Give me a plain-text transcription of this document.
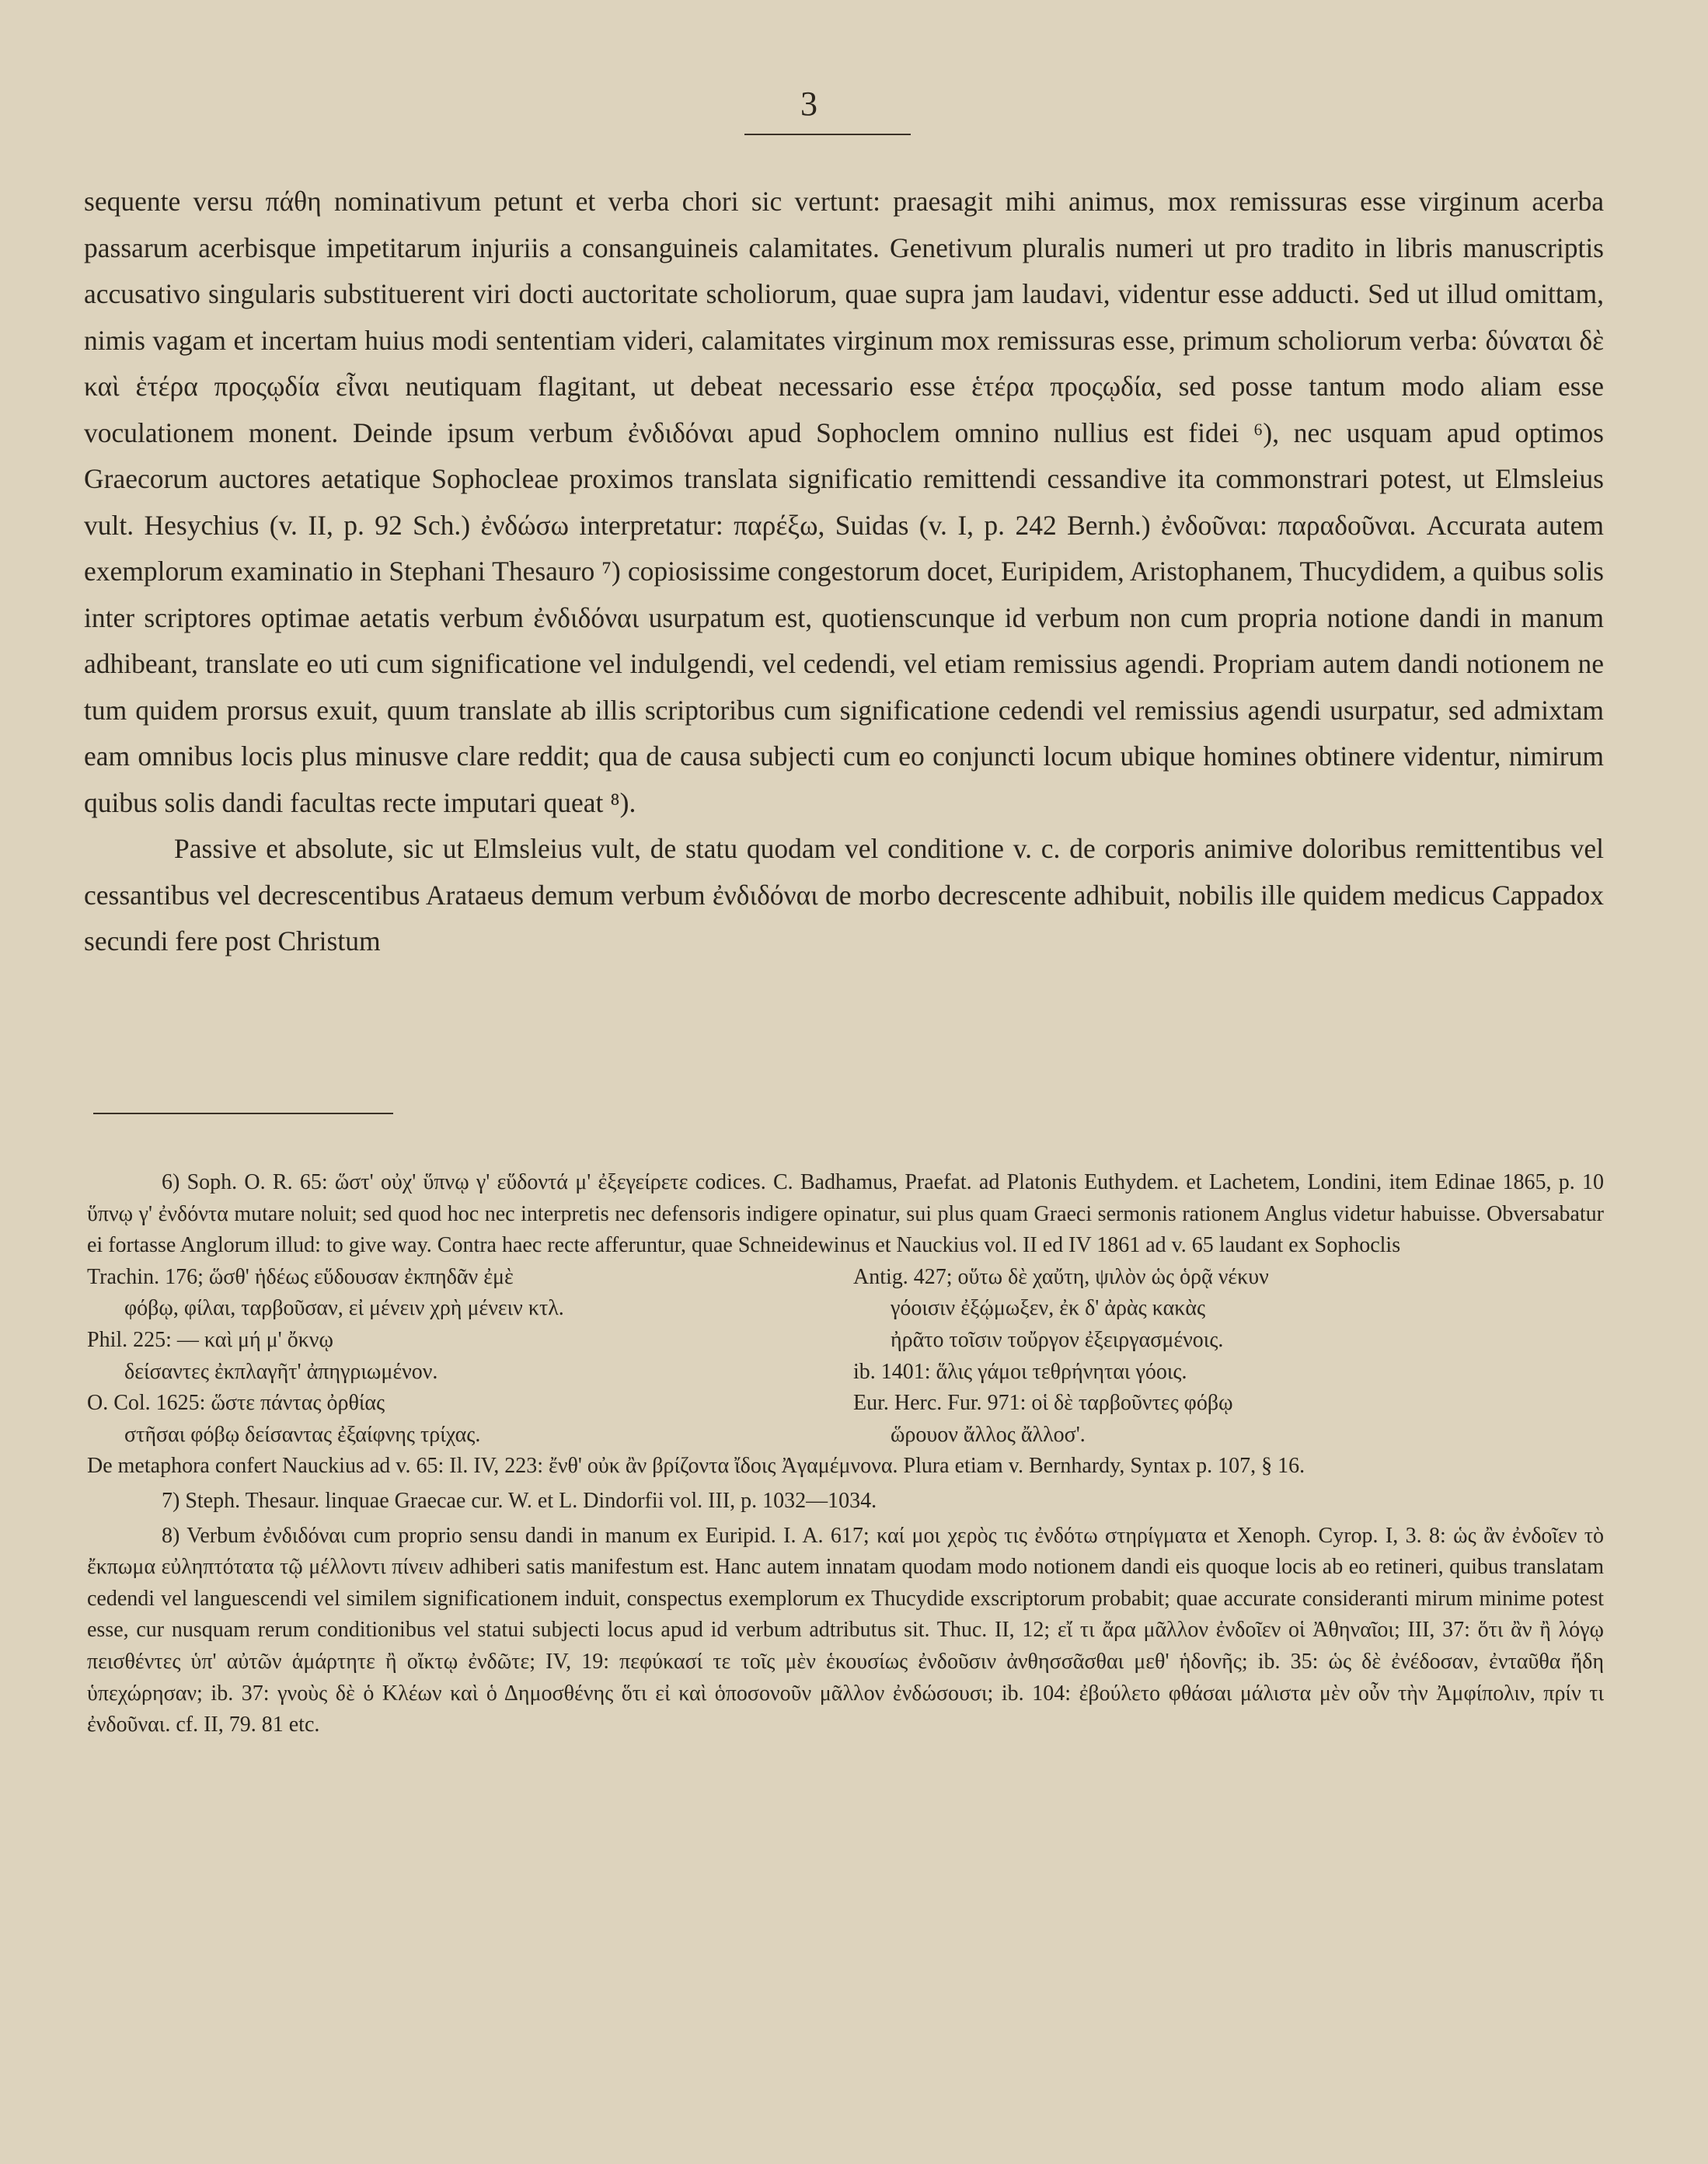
3

sequente versu πάθη nominativum petunt et verba chori sic vertunt: praesagit mihi animus, mox remissuras esse virginum acerba passarum acerbisque impetitarum injuriis a consanguineis calamitates. Genetivum pluralis numeri ut pro tradito in libris manuscriptis accusativo singularis substituerent viri docti auctoritate scholiorum, quae supra jam laudavi, videntur esse adducti. Sed ut illud omittam, nimis vagam et incertam huius modi sententiam videri, calamitates virginum mox remissuras esse, primum scholiorum verba: δύναται δὲ καὶ ἑτέρα προςῳδία εἶναι neutiquam flagitant, ut debeat necessario esse ἑτέρα προςῳδία, sed posse tantum modo aliam esse voculationem monent. Deinde ipsum verbum ἐνδιδόναι apud Sophoclem omnino nullius est fidei ⁶), nec usquam apud optimos Graecorum auctores aetatique Sophocleae proximos translata significatio remittendi cessandive ita commonstrari potest, ut Elmsleius vult. Hesychius (v. II, p. 92 Sch.) ἐνδώσω interpretatur: παρέξω, Suidas (v. I, p. 242 Bernh.) ἐνδοῦναι: παραδοῦναι. Accurata autem exemplorum examinatio in Stephani Thesauro ⁷) copiosissime congestorum docet, Euripidem, Aristophanem, Thucydidem, a quibus solis inter scriptores optimae aetatis verbum ἐνδιδόναι usurpatum est, quotienscunque id verbum non cum propria notione dandi in manum adhibeant, translate eo uti cum significatione vel indulgendi, vel cedendi, vel etiam remissius agendi. Propriam autem dandi notionem ne tum quidem prorsus exuit, quum translate ab illis scriptoribus cum significatione cedendi vel remissius agendi usurpatur, sed admixtam eam omnibus locis plus minusve clare reddit; qua de causa subjecti cum eo conjuncti locum ubique homines obtinere videntur, nimirum quibus solis dandi facultas recte imputari queat ⁸).

Passive et absolute, sic ut Elmsleius vult, de statu quodam vel conditione v. c. de corporis animive doloribus remittentibus vel cessantibus vel decrescentibus Arataeus demum verbum ἐνδιδόναι de morbo decrescente adhibuit, nobilis ille quidem medicus Cappadox secundi fere post Christum

6) Soph. O. R. 65: ὥστ' οὐχ' ὕπνῳ γ' εὕδοντά μ' ἐξεγείρετε codices. C. Badhamus, Praefat. ad Platonis Euthydem. et Lachetem, Londini, item Edinae 1865, p. 10 ὕπνῳ γ' ἐνδόντα mutare noluit; sed quod hoc nec interpretis nec defensoris indigere opinatur, sui plus quam Graeci sermonis rationem Anglus videtur habuisse. Obversabatur ei fortasse Anglorum illud: to give way. Contra haec recte afferuntur, quae Schneidewinus et Nauckius vol. II ed IV 1861 ad v. 65 laudant ex Sophoclis

Trachin. 176; ὥσθ' ἡδέως εὕδουσαν ἐκπηδᾶν ἐμὲ
φόβῳ, φίλαι, ταρβοῦσαν, εἰ μένειν χρὴ μένειν κτλ.
Phil. 225: — καὶ μή μ' ὄκνῳ
δείσαντες ἐκπλαγῆτ' ἀπηγριωμένον.
O. Col. 1625: ὥστε πάντας ὀρθίας
στῆσαι φόβῳ δείσαντας ἐξαίφνης τρίχας.
Antig. 427; οὕτω δὲ χαὔτη, ψιλὸν ὡς ὁρᾷ νέκυν
γόοισιν ἐξῴμωξεν, ἐκ δ' ἀρὰς κακὰς
ἠρᾶτο τοῖσιν τοὔργον ἐξειργασμένοις.
ib. 1401: ἅλις γάμοι τεθρήνηται γόοις.
Eur. Herc. Fur. 971: οἱ δὲ ταρβοῦντες φόβῳ
ὥρουον ἄλλος ἄλλοσ'.

De metaphora confert Nauckius ad v. 65: Il. IV, 223: ἔνθ' οὐκ ἂν βρίζοντα ἴδοις Ἀγαμέμνονα. Plura etiam v. Bernhardy, Syntax p. 107, § 16.

7) Steph. Thesaur. linquae Graecae cur. W. et L. Dindorfii vol. III, p. 1032—1034.

8) Verbum ἐνδιδόναι cum proprio sensu dandi in manum ex Euripid. I. A. 617; καί μοι χερὸς τις ἐνδότω στηρίγματα et Xenoph. Cyrop. I, 3. 8: ὡς ἂν ἐνδοῖεν τὸ ἔκπωμα εὐληπτότατα τῷ μέλλοντι πίνειν adhiberi satis manifestum est. Hanc autem innatam quodam modo notionem dandi eis quoque locis ab eo retineri, quibus translatam cedendi vel languescendi vel similem significationem induit, conspectus exemplorum ex Thucydide exscriptorum probabit; quae accurate consideranti mirum minime potest esse, cur nusquam rerum conditionibus vel statui subjecti locus apud id verbum adtributus sit. Thuc. II, 12; εἴ τι ἄρα μᾶλλον ἐνδοῖεν οἱ Ἀθηναῖοι; III, 37: ὅτι ἂν ἢ λόγῳ πεισθέντες ὑπ' αὐτῶν ἁμάρτητε ἢ οἴκτῳ ἐνδῶτε; IV, 19: πεφύκασί τε τοῖς μὲν ἑκουσίως ἐνδοῦσιν ἀνθησσᾶσθαι μεθ' ἡδονῆς; ib. 35: ὡς δὲ ἐνέδοσαν, ἐνταῦθα ἤδη ὑπεχώρησαν; ib. 37: γνοὺς δὲ ὁ Κλέων καὶ ὁ Δημοσθένης ὅτι εἰ καὶ ὁποσονοῦν μᾶλλον ἐνδώσουσι; ib. 104: ἐβούλετο φθάσαι μάλιστα μὲν οὖν τὴν Ἀμφίπολιν, πρίν τι ἐνδοῦναι. cf. II, 79. 81 etc.
